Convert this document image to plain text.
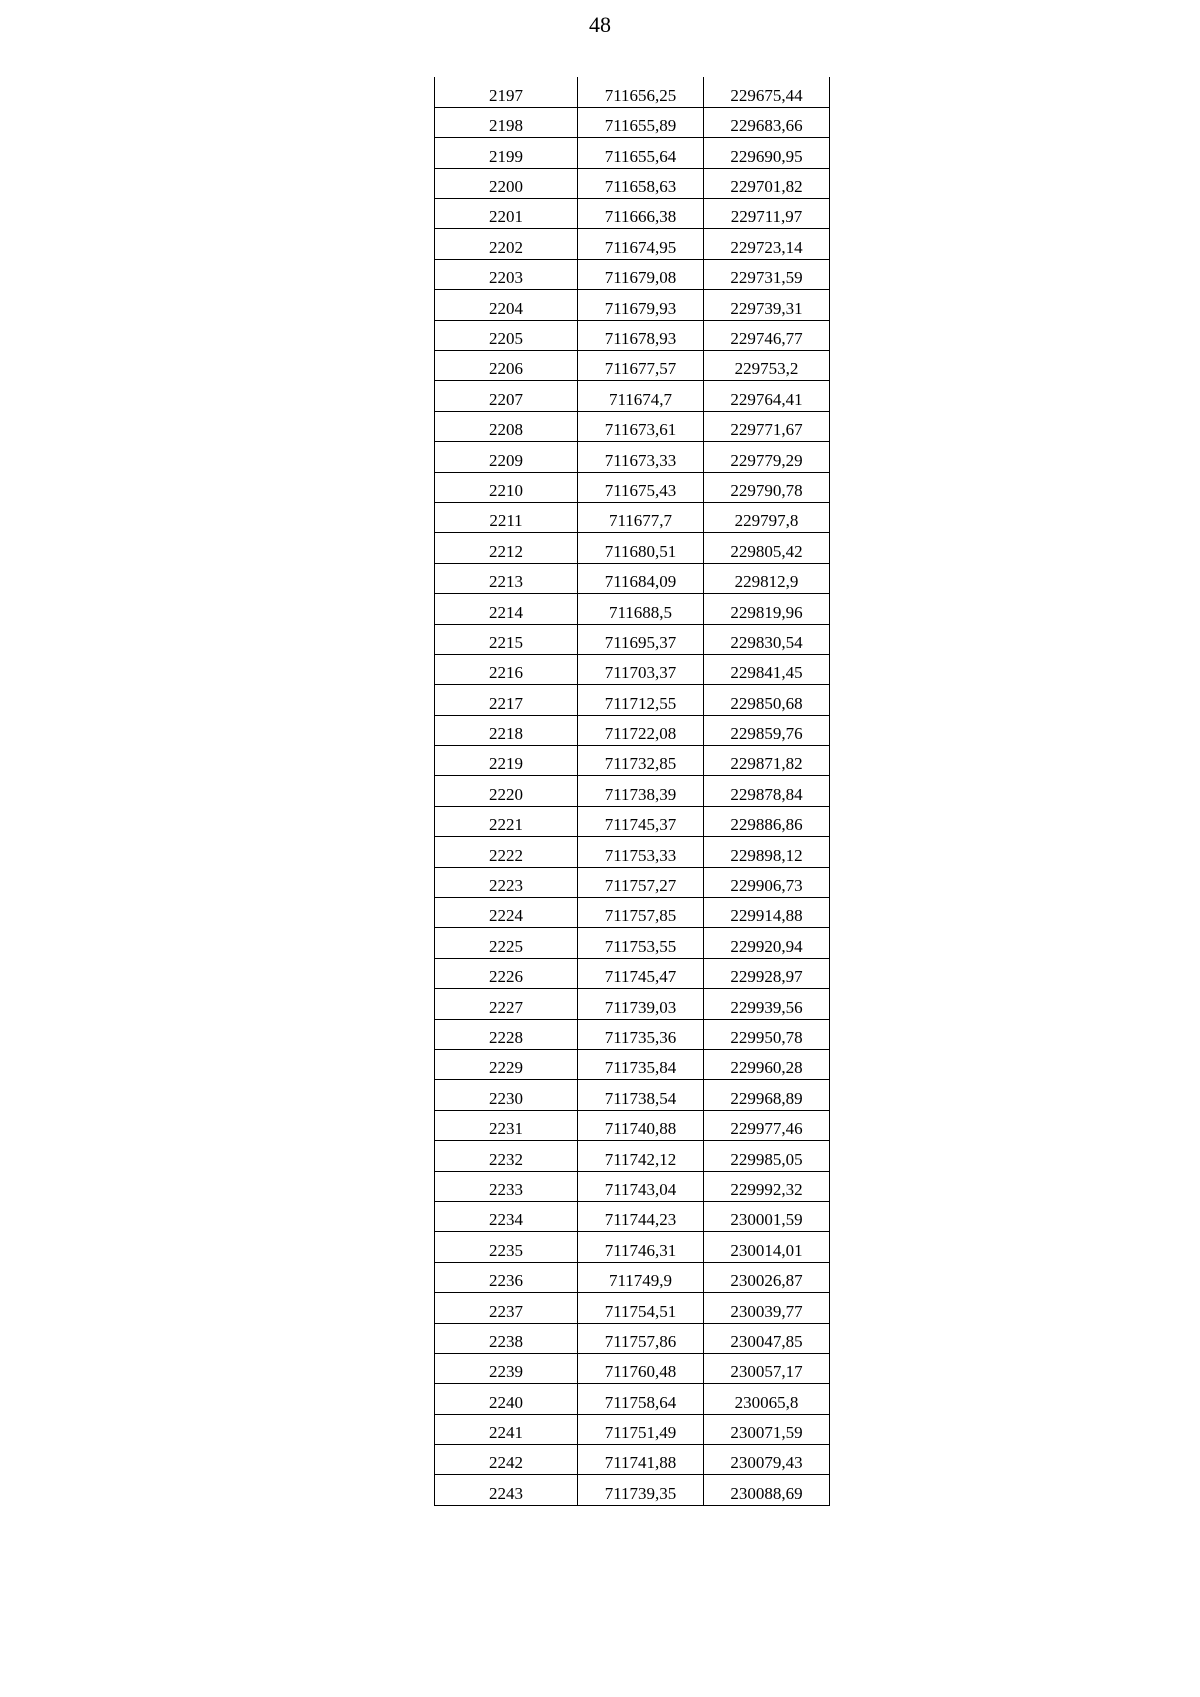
48
2197	711656,25	229675,44
2198	711655,89	229683,66
2199	711655,64	229690,95
2200	711658,63	229701,82
2201	711666,38	229711,97
2202	711674,95	229723,14
2203	711679,08	229731,59
2204	711679,93	229739,31
2205	711678,93	229746,77
2206	711677,57	229753,2
2207	711674,7	229764,41
2208	711673,61	229771,67
2209	711673,33	229779,29
2210	711675,43	229790,78
2211	711677,7	229797,8
2212	711680,51	229805,42
2213	711684,09	229812,9
2214	711688,5	229819,96
2215	711695,37	229830,54
2216	711703,37	229841,45
2217	711712,55	229850,68
2218	711722,08	229859,76
2219	711732,85	229871,82
2220	711738,39	229878,84
2221	711745,37	229886,86
2222	711753,33	229898,12
2223	711757,27	229906,73
2224	711757,85	229914,88
2225	711753,55	229920,94
2226	711745,47	229928,97
2227	711739,03	229939,56
2228	711735,36	229950,78
2229	711735,84	229960,28
2230	711738,54	229968,89
2231	711740,88	229977,46
2232	711742,12	229985,05
2233	711743,04	229992,32
2234	711744,23	230001,59
2235	711746,31	230014,01
2236	711749,9	230026,87
2237	711754,51	230039,77
2238	711757,86	230047,85
2239	711760,48	230057,17
2240	711758,64	230065,8
2241	711751,49	230071,59
2242	711741,88	230079,43
2243	711739,35	230088,69
